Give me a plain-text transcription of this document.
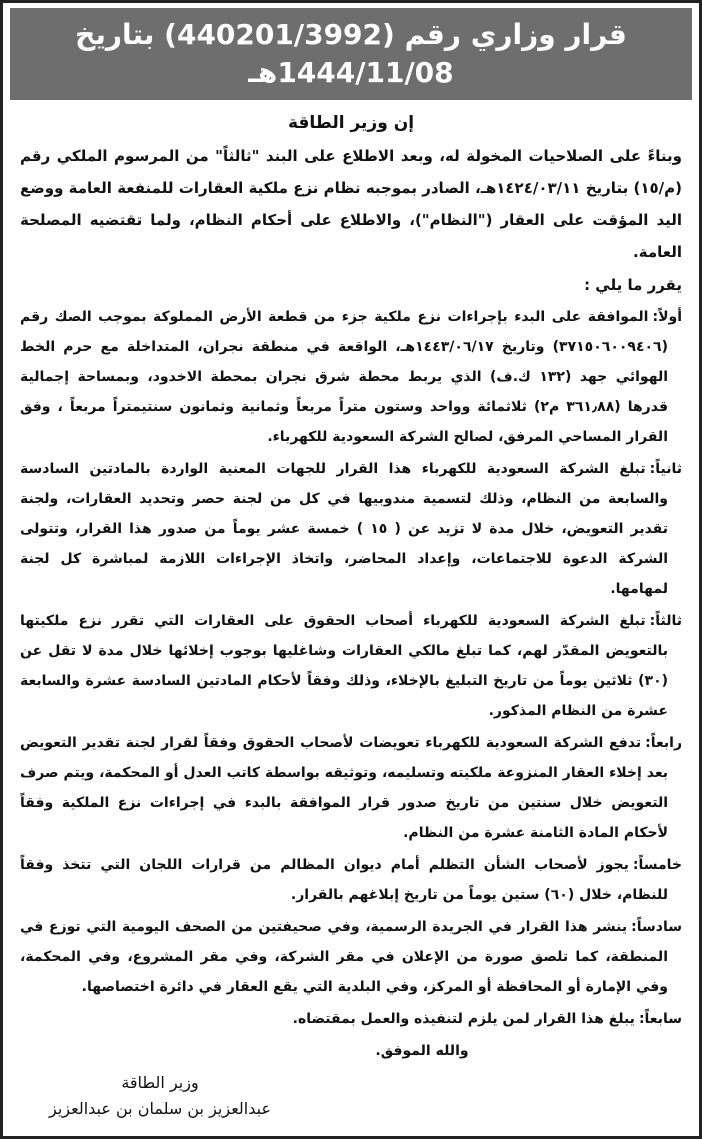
قرار وزاري رقم (440201/3992) بتاريخ 1444/11/08هـ
إن وزير الطاقة
وبناءً على الصلاحيات المخولة له، وبعد الاطلاع على البند "ثالثاً" من المرسوم الملكي رقم (م/١٥) بتاريخ ١٤٢٤/٠٣/١١هـ، الصادر بموجبه نظام نزع ملكية العقارات للمنفعة العامة ووضع اليد المؤقت على العقار ("النظام")، والاطلاع على أحكام النظام، ولما تقتضيه المصلحة العامة.
يقرر ما يلي :
أولاً:الموافقة على البدء بإجراءات نزع ملكية جزء من قطعة الأرض المملوكة بموجب الصك رقم (٣٧١٥٠٦٠٠٩٤٠٦) وتاريخ ١٤٤٣/٠٦/١٧هـ، الواقعة في منطقة نجران، المتداخلة مع حرم الخط الهوائي جهد (١٣٢ ك.ف) الذي يربط محطة شرق نجران بمحطة الاخدود، وبمساحة إجمالية قدرها (٣٦١٫٨٨ م٢) ثلاثمائة وواحد وستون متراً مربعاً وثمانية وثمانون سنتيمتراً مربعاً ، وفق القرار المساحي المرفق، لصالح الشركة السعودية للكهرباء.
ثانياً:تبلغ الشركة السعودية للكهرباء هذا القرار للجهات المعنية الواردة بالمادتين السادسة والسابعة من النظام، وذلك لتسمية مندوبيها في كل من لجنة حصر وتحديد العقارات، ولجنة تقدير التعويض، خلال مدة لا تزيد عن ( ١٥ ) خمسة عشر يوماً من صدور هذا القرار، وتتولى الشركة الدعوة للاجتماعات، وإعداد المحاضر، واتخاذ الإجراءات اللازمة لمباشرة كل لجنة لمهامها.
ثالثاً:تبلغ الشركة السعودية للكهرباء أصحاب الحقوق على العقارات التي تقرر نزع ملكيتها بالتعويض المقدّر لهم، كما تبلغ مالكي العقارات وشاغليها بوجوب إخلائها خلال مدة لا تقل عن (٣٠) ثلاثين يوماً من تاريخ التبليغ بالإخلاء، وذلك وفقاً لأحكام المادتين السادسة عشرة والسابعة عشرة من النظام المذكور.
رابعاً:تدفع الشركة السعودية للكهرباء تعويضات لأصحاب الحقوق وفقاً لقرار لجنة تقدير التعويض بعد إخلاء العقار المنزوعة ملكيته وتسليمه، وتوثيقه بواسطة كاتب العدل أو المحكمة، ويتم صرف التعويض خلال سنتين من تاريخ صدور قرار الموافقة بالبدء في إجراءات نزع الملكية وفقاً لأحكام المادة الثامنة عشرة من النظام.
خامساً:يجوز لأصحاب الشأن التظلم أمام ديوان المظالم من قرارات اللجان التي تتخذ وفقاً للنظام، خلال (٦٠) ستين يوماً من تاريخ إبلاغهم بالقرار.
سادساً:ينشر هذا القرار في الجريدة الرسمية، وفي صحيفتين من الصحف اليومية التي توزع في المنطقة، كما تلصق صورة من الإعلان في مقر الشركة، وفي مقر المشروع، وفي المحكمة، وفي الإمارة أو المحافظة أو المركز، وفي البلدية التي يقع العقار في دائرة اختصاصها.
سابعاً:يبلغ هذا القرار لمن يلزم لتنفيذه والعمل بمقتضاه.
والله الموفق.
وزير الطاقة
عبدالعزيز بن سلمان بن عبدالعزيز
